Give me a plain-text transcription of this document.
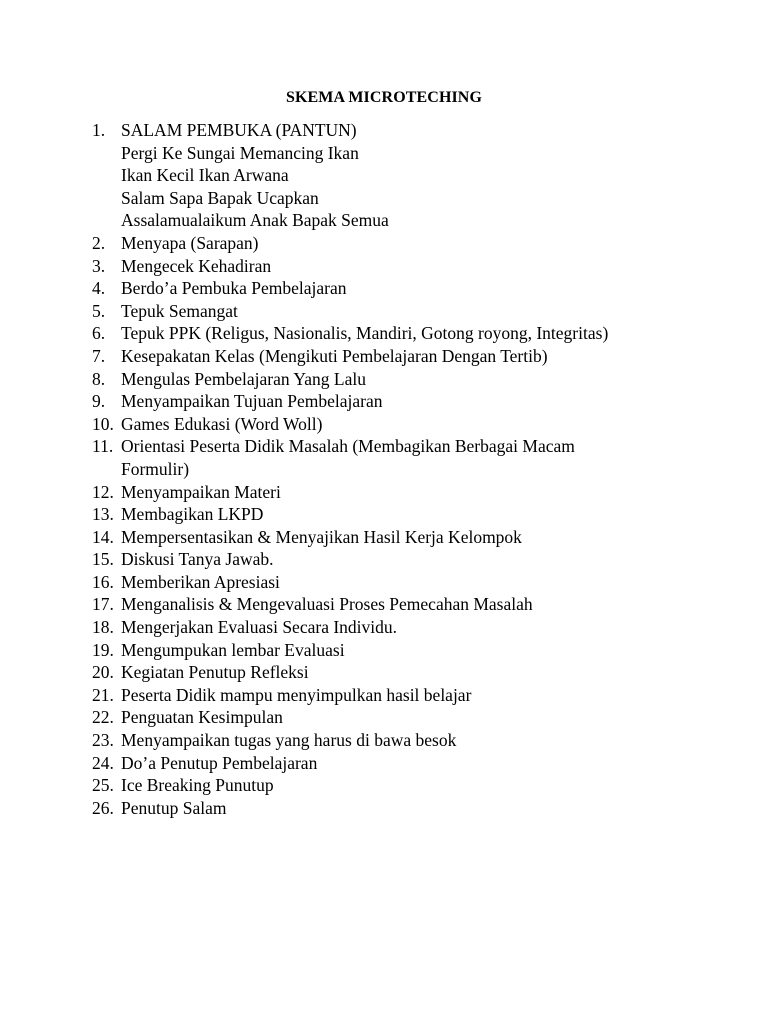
SKEMA MICROTECHING
1. SALAM PEMBUKA (PANTUN)
Pergi Ke Sungai Memancing Ikan
Ikan Kecil Ikan Arwana
Salam Sapa Bapak Ucapkan
Assalamualaikum Anak Bapak Semua
2. Menyapa (Sarapan)
3. Mengecek Kehadiran
4. Berdo’a Pembuka Pembelajaran
5. Tepuk Semangat
6. Tepuk PPK (Religus, Nasionalis, Mandiri, Gotong royong, Integritas)
7. Kesepakatan Kelas (Mengikuti Pembelajaran Dengan Tertib)
8. Mengulas Pembelajaran Yang Lalu
9. Menyampaikan Tujuan Pembelajaran
10. Games Edukasi (Word Woll)
11. Orientasi Peserta Didik Masalah (Membagikan Berbagai Macam
Formulir)
12. Menyampaikan Materi
13. Membagikan LKPD
14. Mempersentasikan & Menyajikan Hasil Kerja Kelompok
15. Diskusi Tanya Jawab.
16. Memberikan Apresiasi
17. Menganalisis & Mengevaluasi Proses Pemecahan Masalah
18. Mengerjakan Evaluasi Secara Individu.
19. Mengumpukan lembar Evaluasi
20. Kegiatan Penutup Refleksi
21. Peserta Didik mampu menyimpulkan hasil belajar
22. Penguatan Kesimpulan
23. Menyampaikan tugas yang harus di bawa besok
24. Do’a Penutup Pembelajaran
25. Ice Breaking Punutup
26. Penutup Salam
